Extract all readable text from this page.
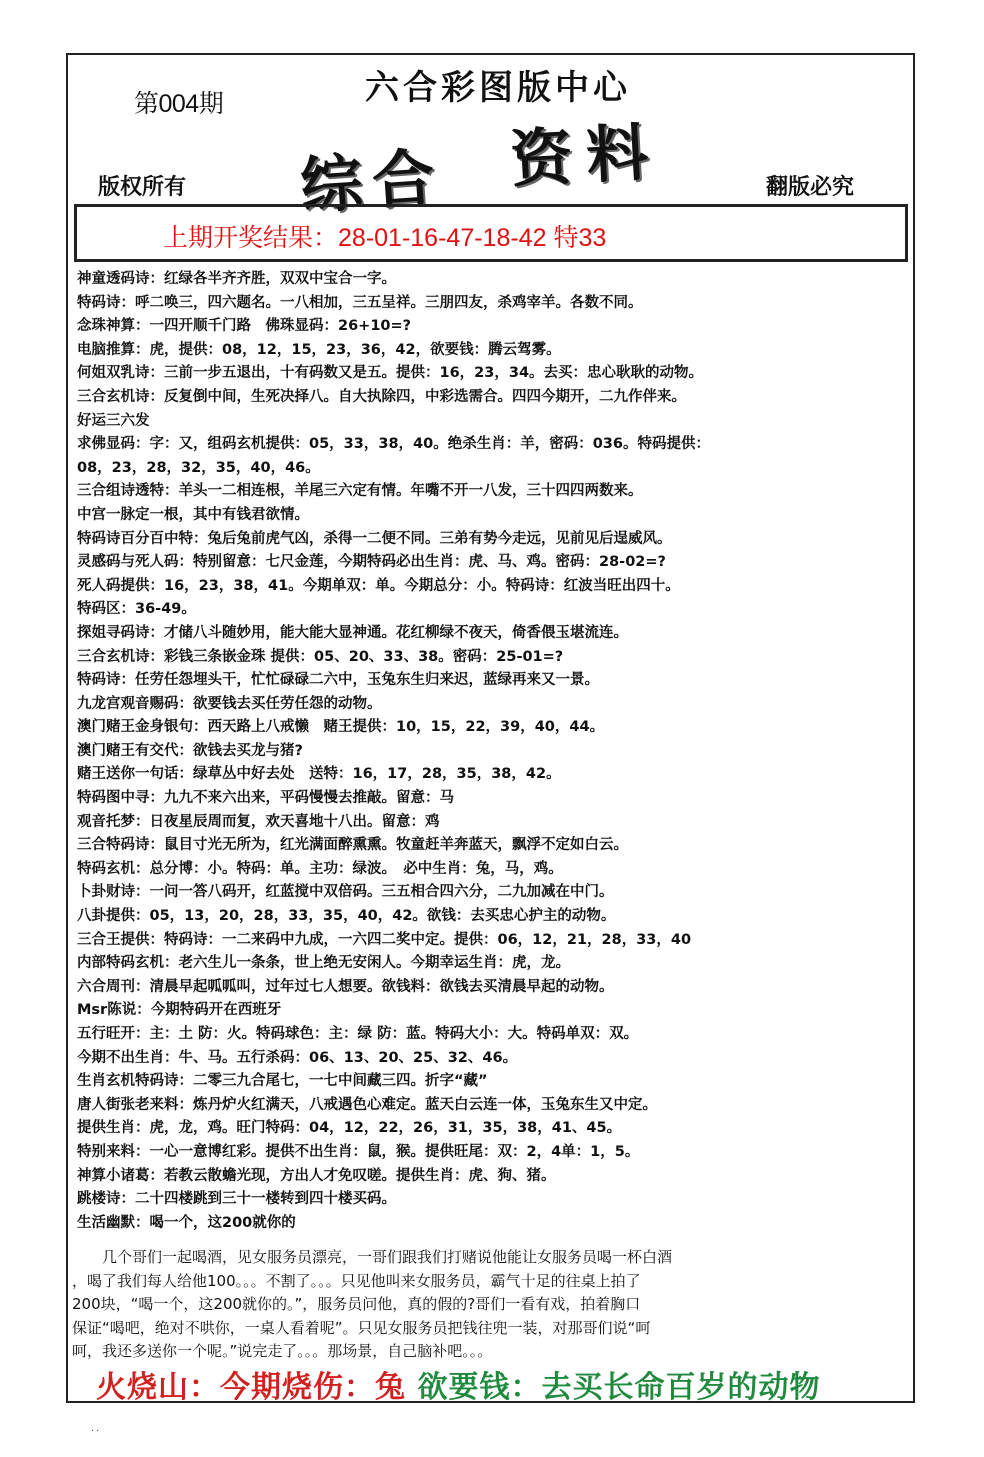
第004期	六合彩图版中心
综合 资料
版权所有	翻版必究
上期开奖结果：28-01-16-47-18-42 特33
神童透码诗：红绿各半齐齐胜，双双中宝合一字。
特码诗：呼二唤三，四六题名。一八相加，三五呈祥。三朋四友，杀鸡宰羊。各数不同。
念珠神算：一四开顺千门路　佛珠显码：26+10=?
电脑推算：虎，提供：08，12，15，23，36，42，欲要钱：腾云驾雾。
何姐双乳诗：三前一步五退出，十有码数又是五。提供：16，23，34。去买：忠心耿耿的动物。
三合玄机诗：反复倒中间，生死决择八。自大执除四，中彩选需合。四四今期开，二九作伴来。
好运三六发
求佛显码：字：又，组码玄机提供：05，33，38，40。绝杀生肖：羊，密码：036。特码提供：
08，23，28，32，35，40，46。
三合组诗透特：羊头一二相连根，羊尾三六定有情。年嘴不开一八发，三十四四两数来。
中宫一脉定一根，其中有钱君欲情。
特码诗百分百中特：兔后兔前虎气凶，杀得一二便不同。三弟有势今走远，见前见后逞威风。
灵感码与死人码：特别留意：七尺金莲，今期特码必出生肖：虎、马、鸡。密码：28-02=?
死人码提供：16，23，38，41。今期单双：单。今期总分：小。特码诗：红波当旺出四十。
特码区：36-49。
探姐寻码诗：才储八斗随妙用，能大能大显神通。花红柳绿不夜天，倚香偎玉堪流连。
三合玄机诗：彩钱三条嵌金珠 提供：05、20、33、38。密码：25-01=?
特码诗：任劳任怨埋头干，忙忙碌碌二六中，玉兔东生归来迟，蓝绿再来又一景。
九龙宫观音赐码：欲要钱去买任劳任怨的动物。
澳门赌王金身银句：西天路上八戒懒　赌王提供：10，15，22，39，40，44。
澳门赌王有交代：欲钱去买龙与猪?
赌王送你一句话：绿草丛中好去处　送特：16，17，28，35，38，42。
特码图中寻：九九不来六出来，平码慢慢去推敲。留意：马
观音托梦：日夜星辰周而复，欢天喜地十八出。留意：鸡
三合特码诗：鼠目寸光无所为，红光满面醉熏熏。牧童赶羊奔蓝天，飘浮不定如白云。
特码玄机：总分博：小。特码：单。主功：绿波。　必中生肖：兔，马，鸡。
卜卦财诗：一问一答八码开，红蓝搅中双倍码。三五相合四六分，二九加减在中门。
八卦提供：05，13，20，28，33，35，40，42。欲钱：去买忠心护主的动物。
三合王提供：特码诗：一二来码中九成，一六四二奖中定。提供：06，12，21，28，33，40
内部特码玄机：老六生儿一条条，世上绝无安闲人。今期幸运生肖：虎，龙。
六合周刊：清晨早起呱呱叫，过年过七人想要。欲钱料：欲钱去买清晨早起的动物。
Msr陈说：今期特码开在西班牙
五行旺开：主：土 防：火。特码球色：主：绿 防：蓝。特码大小：大。特码单双：双。
今期不出生肖：牛、马。五行杀码：06、13、20、25、32、46。
生肖玄机特码诗：二零三九合尾七，一七中间藏三四。折字“藏”
唐人街张老来料：炼丹炉火红满天，八戒遇色心难定。蓝天白云连一体，玉兔东生又中定。
提供生肖：虎，龙，鸡。旺门特码：04，12，22，26，31，35，38，41、45。
特别来料：一心一意博红彩。提供不出生肖：鼠，猴。提供旺尾：双：2，4单：1，5。
神算小诸葛：若教云散蟾光现，方出人才免叹嗟。提供生肖：虎、狗、猪。
跳楼诗：二十四楼跳到三十一楼转到四十楼买码。
生活幽默：喝一个，这200就你的
　　几个哥们一起喝酒，见女服务员漂亮，一哥们跟我们打赌说他能让女服务员喝一杯白酒
，喝了我们每人给他100。。。不割了。。。只见他叫来女服务员，霸气十足的往桌上拍了
200块，“喝一个，这200就你的。”，服务员问他，真的假的?哥们一看有戏，拍着胸口
保证“喝吧，绝对不哄你，一桌人看着呢”。只见女服务员把钱往兜一装，对那哥们说“呵
呵，我还多送你一个呢。”说完走了。。。那场景，自己脑补吧。。。
火烧山：今期烧伤：兔 欲要钱：去买长命百岁的动物
··
